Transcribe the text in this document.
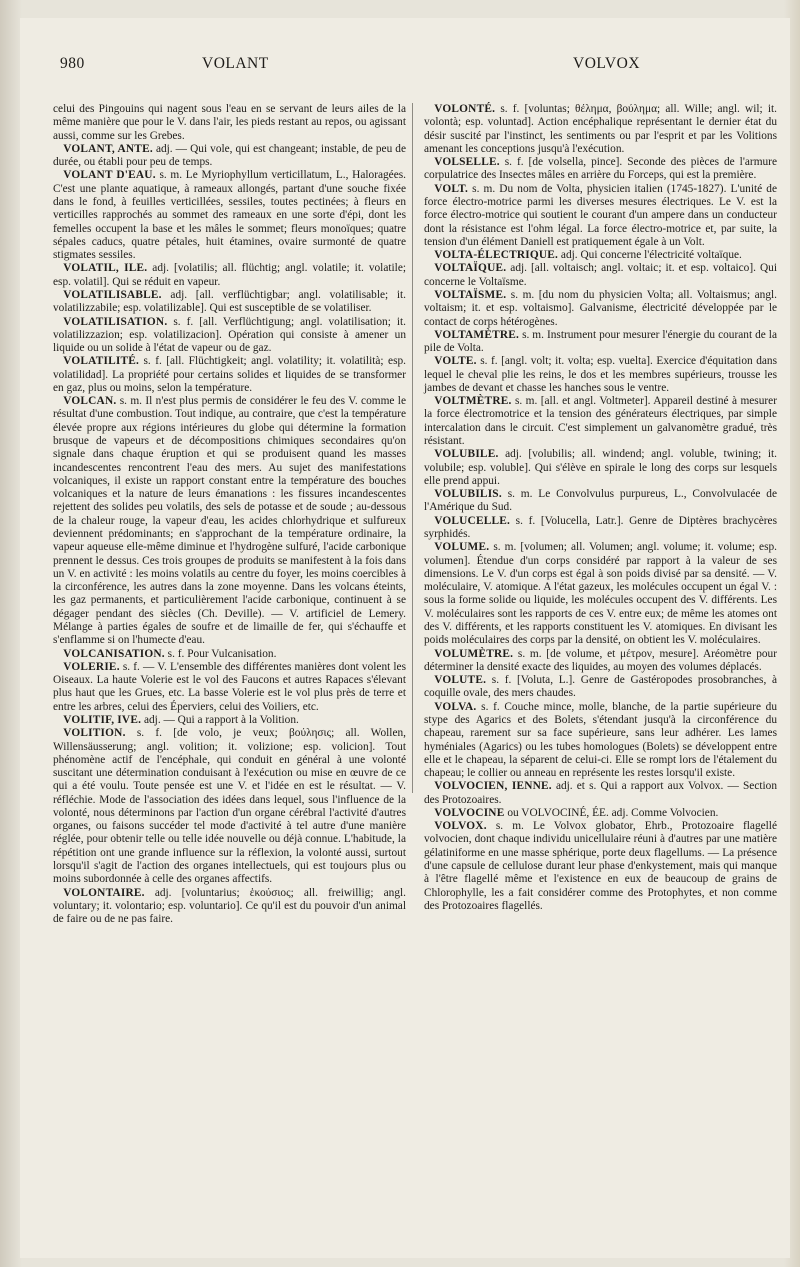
980	VOLANT	VOLVOX

celui des Pingouins qui nagent sous l'eau en se servant de leurs ailes de la même manière que pour le V. dans l'air, les pieds restant au repos, ou agissant aussi, comme sur les Grebes.

VOLANT, ANTE. adj. — Qui vole, qui est changeant; instable, de peu de durée, ou établi pour peu de temps.

VOLANT D'EAU. s. m. Le Myriophyllum verticillatum, L., Haloragées. C'est une plante aquatique, à rameaux allongés, partant d'une souche fixée dans le fond, à feuilles verticillées, sessiles, toutes pectinées; à fleurs en verticilles rapprochés au sommet des rameaux en une sorte d'épi, dont les femelles occupent la base et les mâles le sommet; fleurs monoïques; quatre sépales caducs, quatre pétales, huit étamines, ovaire surmonté de quatre stigmates sessiles.

VOLATIL, ILE. adj. [volatilis; all. flüchtig; angl. volatile; it. volatile; esp. volatil]. Qui se réduit en vapeur.

VOLATILISABLE. adj. [all. verflüchtigbar; angl. volatilisable; it. volatilizzabile; esp. volatilizable]. Qui est susceptible de se volatiliser.

VOLATILISATION. s. f. [all. Verflüchtigung; angl. volatilisation; it. volatilizzazion; esp. volatilizacion]. Opération qui consiste à amener un liquide ou un solide à l'état de vapeur ou de gaz.

VOLATILITÉ. s. f. [all. Flüchtigkeit; angl. volatility; it. volatilità; esp. volatilidad]. La propriété pour certains solides et liquides de se transformer en gaz, plus ou moins, selon la température.

VOLCAN. s. m. Il n'est plus permis de considérer le feu des V. comme le résultat d'une combustion. Tout indique, au contraire, que c'est la température élevée propre aux régions intérieures du globe qui détermine la formation brusque de vapeurs et de décompositions chimiques secondaires qu'on signale dans chaque éruption et qui se produisent quand les masses incandescentes rencontrent l'eau des mers. Au sujet des manifestations volcaniques, il existe un rapport constant entre la température des bouches volcaniques et la nature de leurs émanations : les fissures incandescentes rejettent des solides peu volatils, des sels de potasse et de soude ; au-dessous de la chaleur rouge, la vapeur d'eau, les acides chlorhydrique et sulfureux deviennent prédominants; en s'approchant de la température ordinaire, la vapeur aqueuse elle-même diminue et l'hydrogène sulfuré, l'acide carbonique prennent le dessus. Ces trois groupes de produits se manifestent à la fois dans un V. en activité : les moins volatils au centre du foyer, les moins coercibles à la circonférence, les autres dans la zone moyenne. Dans les volcans éteints, les gaz permanents, et particulièrement l'acide carbonique, continuent à se dégager pendant des siècles (Ch. Deville). — V. artificiel de Lemery. Mélange à parties égales de soufre et de limaille de fer, qui s'échauffe et s'enflamme si on l'humecte d'eau.

VOLCANISATION. s. f. Pour Vulcanisation.

VOLERIE. s. f. — V. L'ensemble des différentes manières dont volent les Oiseaux. La haute Volerie est le vol des Faucons et autres Rapaces s'élevant plus haut que les Grues, etc. La basse Volerie est le vol plus près de terre et entre les arbres, celui des Éperviers, celui des Voiliers, etc.

VOLITIF, IVE. adj. — Qui a rapport à la Volition.

VOLITION. s. f. [de volo, je veux; βούλησις; all. Wollen, Willensäusserung; angl. volition; it. volizione; esp. volicion]. Tout phénomène actif de l'encéphale, qui conduit en général à une volonté suscitant une détermination conduisant à l'exécution ou mise en œuvre de ce qui a été voulu. Toute pensée est une V. et l'idée en est le résultat. — V. réfléchie. Mode de l'association des idées dans lequel, sous l'influence de la volonté, nous déterminons par l'action d'un organe cérébral l'activité d'autres organes, ou faisons succéder tel mode d'activité à tel autre d'une manière réglée, pour obtenir telle ou telle idée nouvelle ou déjà connue. L'habitude, la répétition ont une grande influence sur la réflexion, la volonté aussi, surtout lorsqu'il s'agit de l'action des organes intellectuels, qui est toujours plus ou moins subordonnée à celle des organes affectifs.

VOLONTAIRE. adj. [voluntarius; ἑκούσιος; all. freiwillig; angl. voluntary; it. volontario; esp. voluntario]. Ce qu'il est du pouvoir d'un animal de faire ou de ne pas faire.

VOLONTÉ. s. f. [voluntas; θέλημα, βούλημα; all. Wille; angl. wil; it. volontà; esp. voluntad]. Action encéphalique représentant le dernier état du désir suscité par l'instinct, les sentiments ou par l'esprit et par les Volitions amenant les conceptions jusqu'à l'exécution.

VOLSELLE. s. f. [de volsella, pince]. Seconde des pièces de l'armure corpulatrice des Insectes mâles en arrière du Forceps, qui est la première.

VOLT. s. m. Du nom de Volta, physicien italien (1745-1827). L'unité de force électro-motrice parmi les diverses mesures électriques. Le V. est la force électro-motrice qui soutient le courant d'un ampere dans un conducteur dont la résistance est l'ohm légal. La force électro-motrice et, par suite, la tension d'un élément Daniell est pratiquement égale à un Volt.

VOLTA-ÉLECTRIQUE. adj. Qui concerne l'électricité voltaïque.

VOLTAÏQUE. adj. [all. voltaisch; angl. voltaic; it. et esp. voltaico]. Qui concerne le Voltaïsme.

VOLTAÏSME. s. m. [du nom du physicien Volta; all. Voltaismus; angl. voltaism; it. et esp. voltaismo]. Galvanisme, électricité développée par le contact de corps hétérogènes.

VOLTAMÈTRE. s. m. Instrument pour mesurer l'énergie du courant de la pile de Volta.

VOLTE. s. f. [angl. volt; it. volta; esp. vuelta]. Exercice d'équitation dans lequel le cheval plie les reins, le dos et les membres supérieurs, trousse les jambes de devant et chasse les hanches sous le ventre.

VOLTMÈTRE. s. m. [all. et angl. Voltmeter]. Appareil destiné à mesurer la force électromotrice et la tension des générateurs électriques, par simple intercalation dans le circuit. C'est simplement un galvanomètre gradué, très résistant.

VOLUBILE. adj. [volubilis; all. windend; angl. voluble, twining; it. volubile; esp. voluble]. Qui s'élève en spirale le long des corps sur lesquels elle prend appui.

VOLUBILIS. s. m. Le Convolvulus purpureus, L., Convolvulacée de l'Amérique du Sud.

VOLUCELLE. s. f. [Volucella, Latr.]. Genre de Diptères brachycères syrphidés.

VOLUME. s. m. [volumen; all. Volumen; angl. volume; it. volume; esp. volumen]. Étendue d'un corps considéré par rapport à la valeur de ses dimensions. Le V. d'un corps est égal à son poids divisé par sa densité. — V. moléculaire, V. atomique. A l'état gazeux, les molécules occupent un égal V. : sous la forme solide ou liquide, les molécules occupent des V. différents. Les V. moléculaires sont les rapports de ces V. entre eux; de même les atomes ont des V. différents, et les rapports constituent les V. atomiques. En divisant les poids moléculaires des corps par la densité, on obtient les V. moléculaires.

VOLUMÈTRE. s. m. [de volume, et μέτρον, mesure]. Aréomètre pour déterminer la densité exacte des liquides, au moyen des volumes déplacés.

VOLUTE. s. f. [Voluta, L.]. Genre de Gastéropodes prosobranches, à coquille ovale, des mers chaudes.

VOLVA. s. f. Couche mince, molle, blanche, de la partie supérieure du stype des Agarics et des Bolets, s'étendant jusqu'à la circonférence du chapeau, rarement sur sa face supérieure, sans leur adhérer. Les lames hyméniales (Agarics) ou les tubes homologues (Bolets) se développent entre elle et le chapeau, la séparent de celui-ci. Elle se rompt lors de l'étalement du chapeau; le collier ou anneau en représente les restes lorsqu'il existe.

VOLVOCIEN, IENNE. adj. et s. Qui a rapport aux Volvox. — Section des Protozoaires.

VOLVOCINE ou VOLVOCINÉ, ÉE. adj. Comme Volvocien.

VOLVOX. s. m. Le Volvox globator, Ehrb., Protozoaire flagellé volvocien, dont chaque individu unicellulaire réuni à d'autres par une matière gélatiniforme en une masse sphérique, porte deux flagellums. — La présence d'une capsule de cellulose durant leur phase d'enkystement, mais qui manque à l'être flagellé même et l'existence en eux de beaucoup de grains de Chlorophylle, les a fait considérer comme des Protophytes, et non comme des Protozoaires flagellés.
